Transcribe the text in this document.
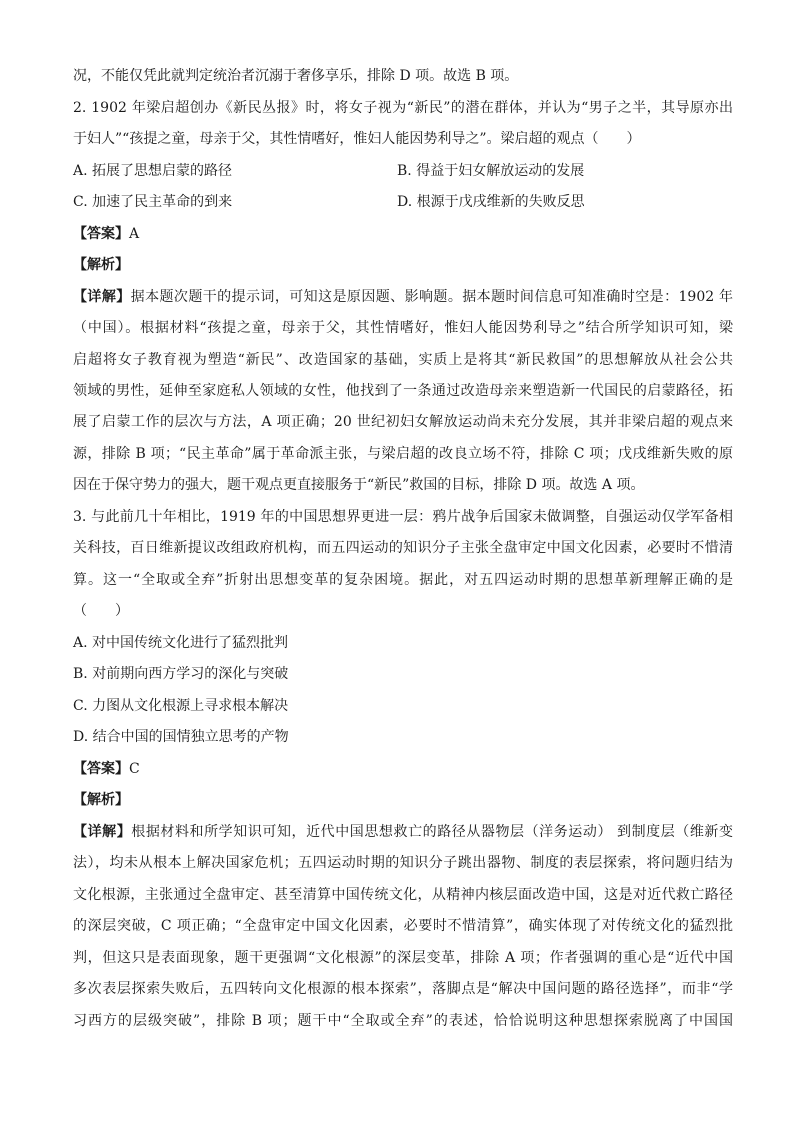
况，不能仅凭此就判定统治者沉溺于奢侈享乐，排除 D 项。故选 B 项。
2. 1902 年梁启超创办《新民丛报》时，将女子视为“新民”的潜在群体，并认为“男子之半，其导原亦出
于妇人”“孩提之童，母亲于父，其性情嗜好，惟妇人能因势利导之”。梁启超的观点（　　）
A. 拓展了思想启蒙的路径	B. 得益于妇女解放运动的发展
C. 加速了民主革命的到来	D. 根源于戊戌维新的失败反思
【答案】A
【解析】
【详解】据本题次题干的提示词，可知这是原因题、影响题。据本题时间信息可知准确时空是：1902 年
（中国）。根据材料“孩提之童，母亲于父，其性情嗜好，惟妇人能因势利导之”结合所学知识可知，梁
启超将女子教育视为塑造“新民”、改造国家的基础，实质上是将其“新民救国”的思想解放从社会公共
领域的男性，延伸至家庭私人领域的女性，他找到了一条通过改造母亲来塑造新一代国民的启蒙路径，拓
展了启蒙工作的层次与方法，A 项正确；20 世纪初妇女解放运动尚未充分发展，其并非梁启超的观点来
源，排除 B 项；“民主革命”属于革命派主张，与梁启超的改良立场不符，排除 C 项；戊戌维新失败的原
因在于保守势力的强大，题干观点更直接服务于“新民”救国的目标，排除 D 项。故选 A 项。
3. 与此前几十年相比，1919 年的中国思想界更进一层：鸦片战争后国家未做调整，自强运动仅学军备相
关科技，百日维新提议改组政府机构，而五四运动的知识分子主张全盘审定中国文化因素，必要时不惜清
算。这一“全取或全弃”折射出思想变革的复杂困境。据此，对五四运动时期的思想革新理解正确的是
（　　）
A. 对中国传统文化进行了猛烈批判
B. 对前期向西方学习的深化与突破
C. 力图从文化根源上寻求根本解决
D. 结合中国的国情独立思考的产物
【答案】C
【解析】
【详解】根据材料和所学知识可知，近代中国思想救亡的路径从器物层（洋务运动） 到制度层（维新变
法），均未从根本上解决国家危机；五四运动时期的知识分子跳出器物、制度的表层探索，将问题归结为
文化根源，主张通过全盘审定、甚至清算中国传统文化，从精神内核层面改造中国，这是对近代救亡路径
的深层突破，C 项正确；“全盘审定中国文化因素，必要时不惜清算”，确实体现了对传统文化的猛烈批
判，但这只是表面现象，题干更强调“文化根源”的深层变革，排除 A 项；作者强调的重心是“近代中国
多次表层探索失败后，五四转向文化根源的根本探索”，落脚点是“解决中国问题的路径选择”，而非“学
习西方的层级突破”，排除 B 项；题干中“全取或全弃”的表述，恰恰说明这种思想探索脱离了中国国
